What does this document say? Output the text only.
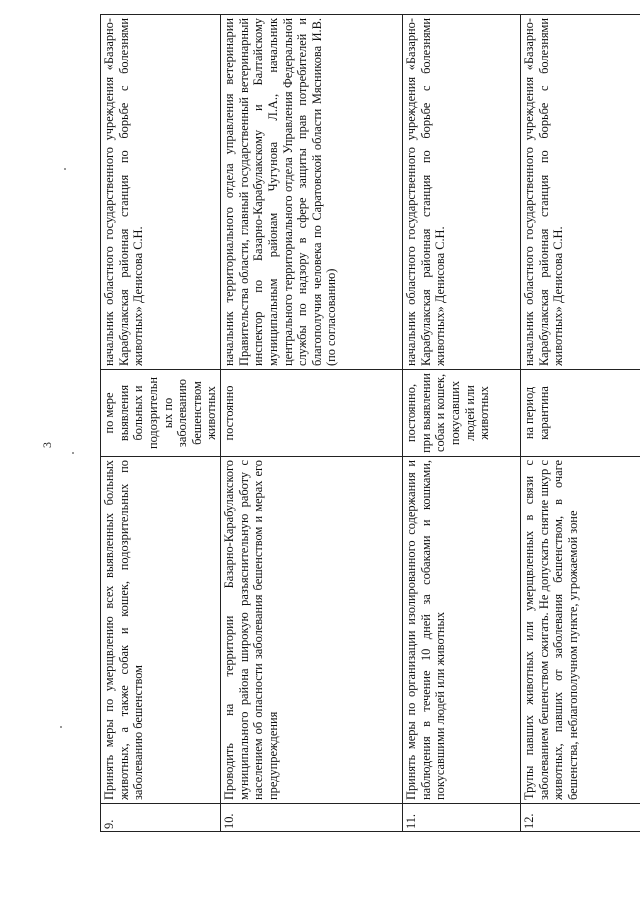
3
9.	Принять меры по умерщвлению всех выявленных больных животных, а также собак и кошек, подозрительных по заболеванию бешенством	по мере выявления больных и подозрительных по заболеванию бешенством животных	начальник областного государственного учреждения «Базарно-Карабулакская районная станция по борьбе с болезнями животных» Денисова С.Н.
10.	Проводить на территории Базарно-Карабулакского муниципального района широкую разъяснительную работу с населением об опасности заболевания бешенством и мерах его предупреждения	постоянно	начальник территориального отдела управления ветеринарии Правительства области, главный государственный ветеринарный инспектор по Базарно-Карабулакскому и Балтайскому муниципальным районам Чугунова Л.А., начальник центрального территориального отдела Управления Федеральной службы по надзору в сфере защиты прав потребителей и благополучия человека по Саратовской области Мясникова И.В. (по согласованию)
11.	Принять меры по организации изолированного содержания и наблюдения в течение 10 дней за собаками и кошками, покусавшими людей или животных	постоянно, при выявлении собак и кошек, покусавших людей или животных	начальник областного государственного учреждения «Базарно-Карабулакская районная станция по борьбе с болезнями животных» Денисова С.Н.
12.	Трупы павших животных или умерщвленных в связи с заболеванием бешенством сжигать. Не допускать снятие шкур с животных, павших от заболевания бешенством, в очаге бешенства, неблагополучном пункте, угрожаемой зоне	на период карантина	начальник областного государственного учреждения «Базарно-Карабулакская районная станция по борьбе с болезнями животных» Денисова С.Н.
